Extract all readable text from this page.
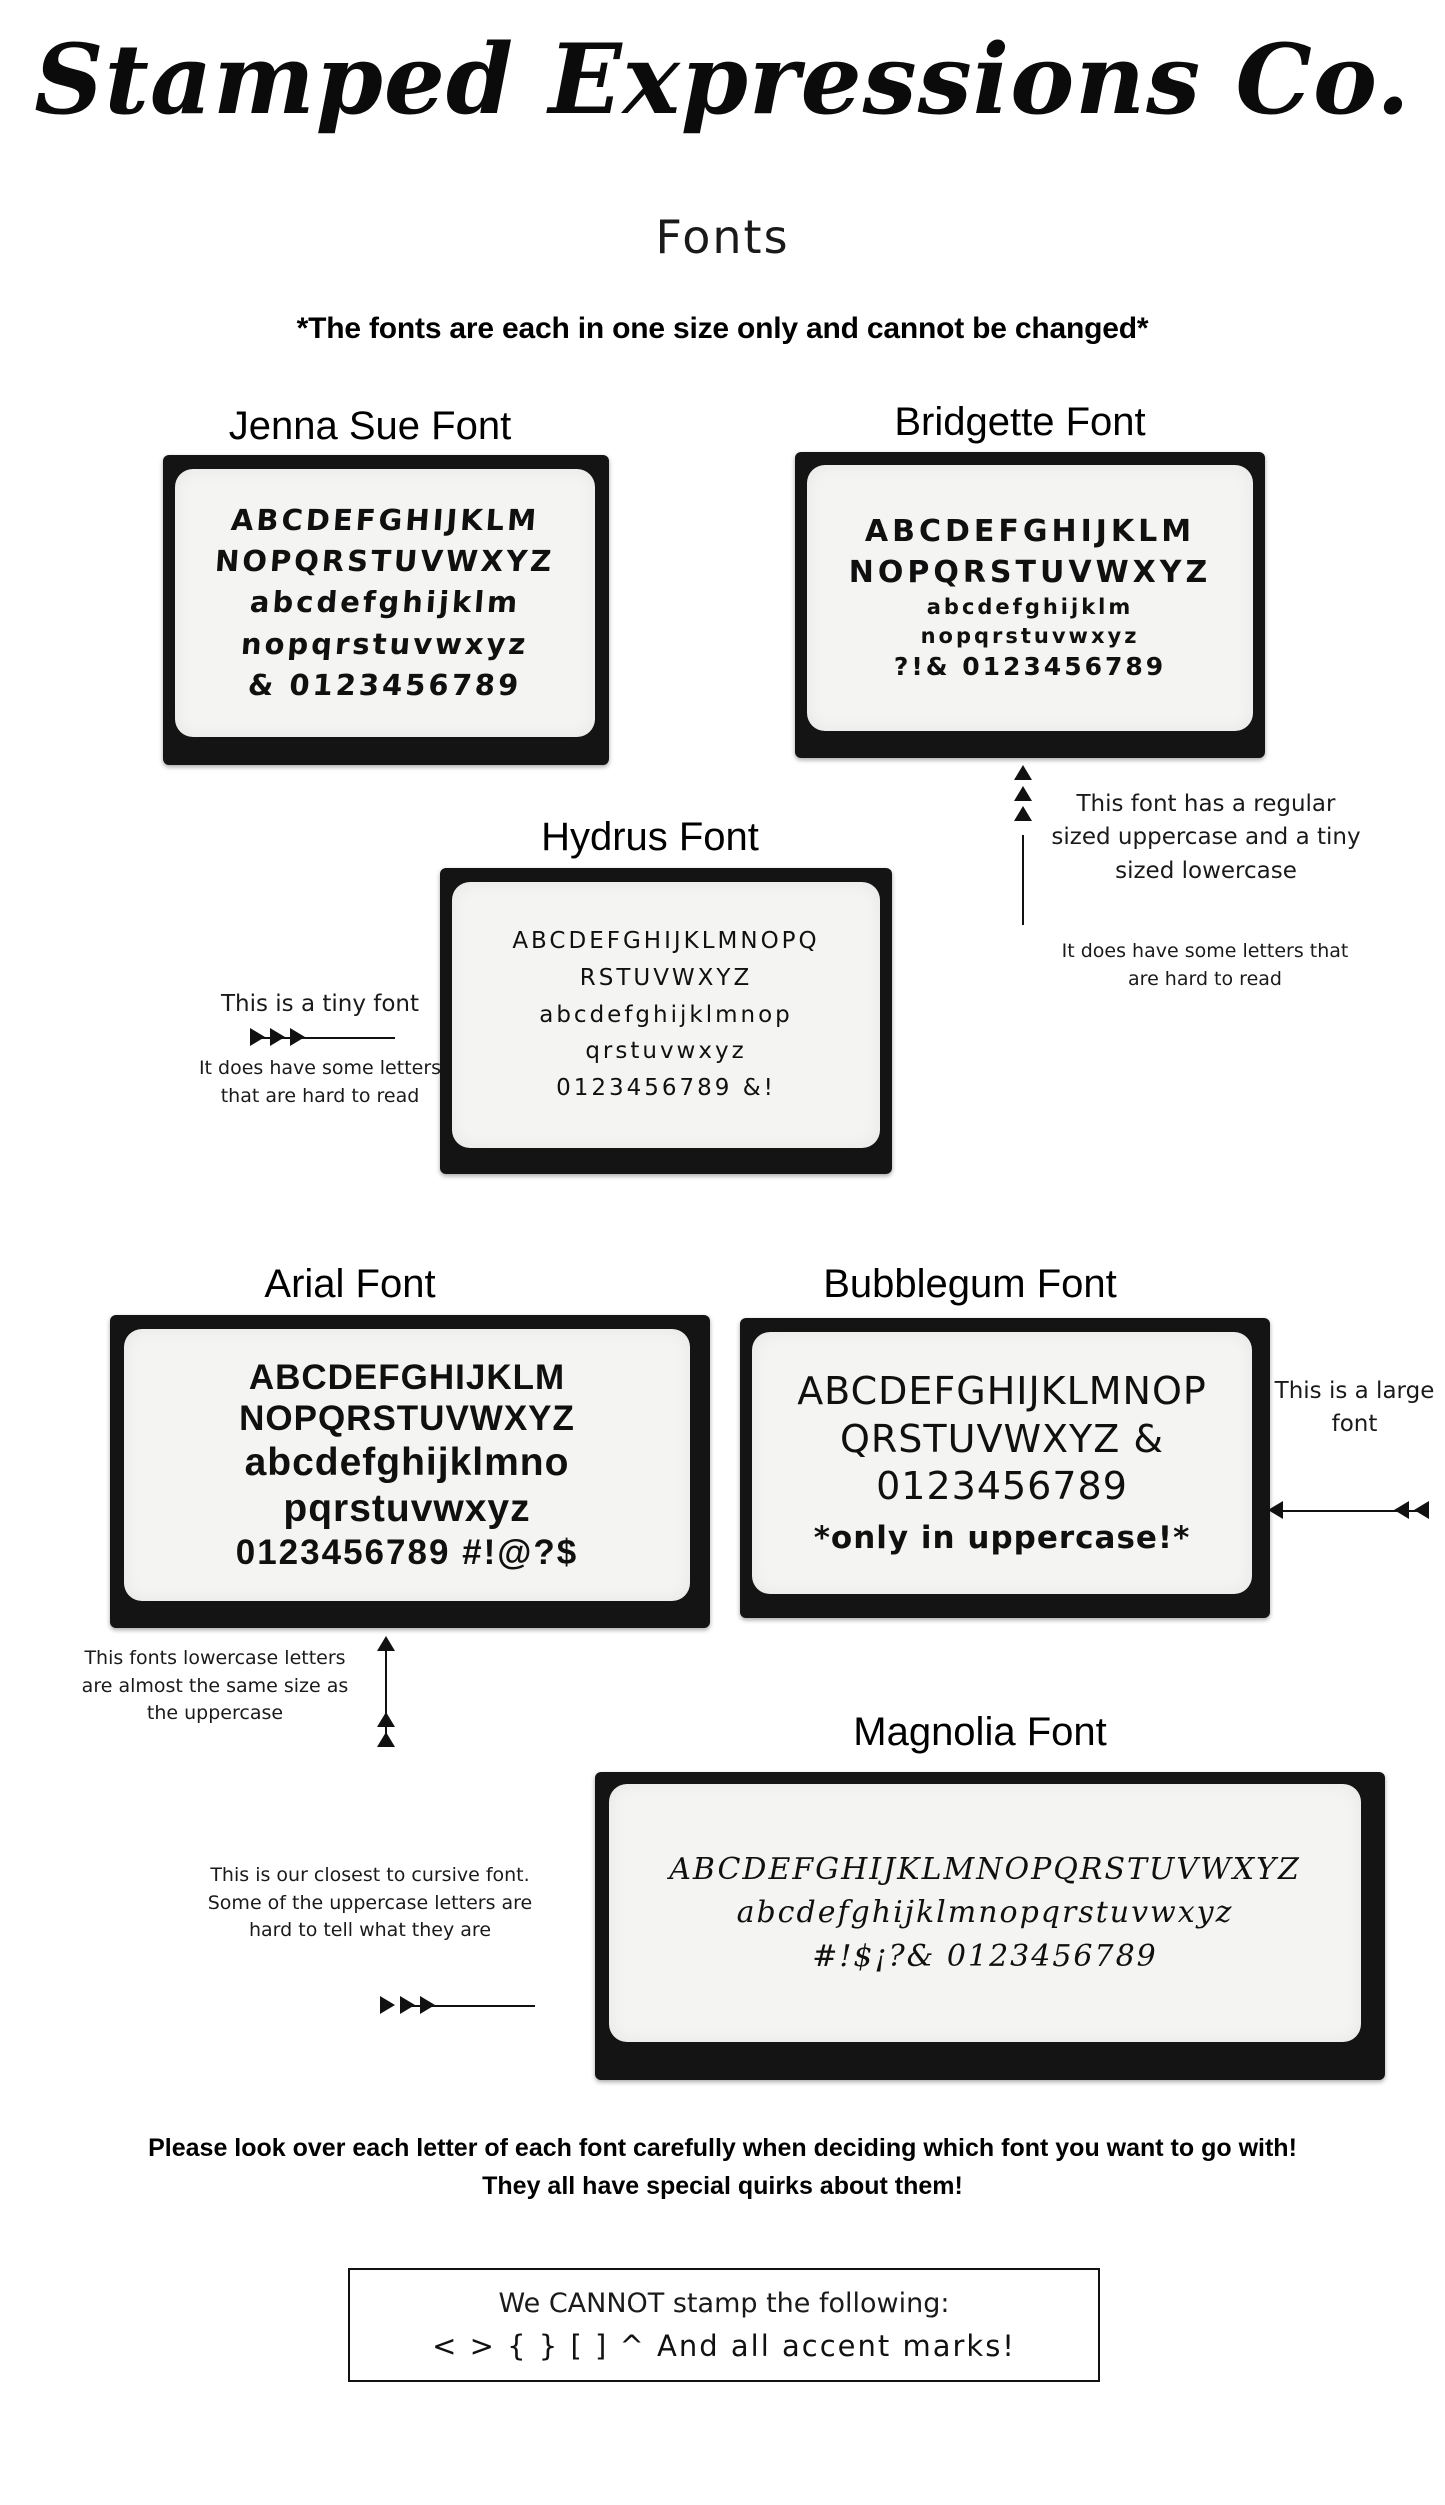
Stamped Expressions Co.
Fonts
*The fonts are each in one size only and cannot be changed*
Jenna Sue Font
ABCDEFGHIJKLM
NOPQRSTUVWXYZ
abcdefghijklm
nopqrstuvwxyz
& 0123456789
Bridgette Font
ABCDEFGHIJKLM
NOPQRSTUVWXYZ
abcdefghijklm
nopqrstuvwxyz
?!& 0123456789
This font has a regular sized uppercase and a tiny sized lowercase
It does have some letters that are hard to read
Hydrus Font
ABCDEFGHIJKLMNOPQ
RSTUVWXYZ
abcdefghijklmnop
qrstuvwxyz
0123456789 &!
This is a tiny font
It does have some letters that are hard to read
Arial Font
ABCDEFGHIJKLM
NOPQRSTUVWXYZ
abcdefghijklmno
pqrstuvwxyz
0123456789 #!@?$
This fonts lowercase letters are almost the same size as the uppercase
Bubblegum Font
ABCDEFGHIJKLMNOP
QRSTUVWXYZ &
0123456789
*only in uppercase!*
This is a large font
Magnolia Font
ABCDEFGHIJKLMNOPQRSTUVWXYZ
abcdefghijklmnopqrstuvwxyz
#!$¡?& 0123456789
This is our closest to cursive font. Some of the uppercase letters are hard to tell what they are
Please look over each letter of each font carefully when deciding which font you want to go with!
They all have special quirks about them!
We CANNOT stamp the following:
< > { } [ ] ^ And all accent marks!
